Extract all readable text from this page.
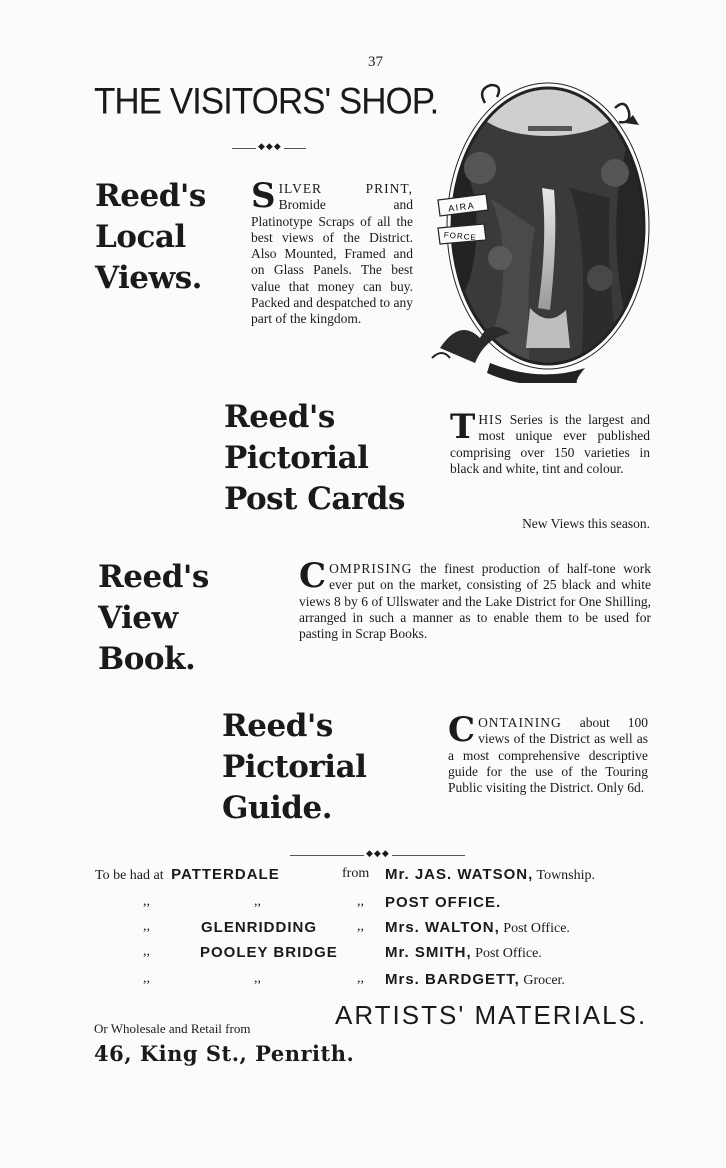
37
THE VISITORS' SHOP.
◆◆◆
Reed's
Local
Views.
SILVER PRINT, Bromide and Platinotype Scraps of all the best views of the District. Also Mounted, Framed and on Glass Panels. The best value that money can buy. Packed and despatched to any part of the kingdom.
AIRA
FORCE
Reed's
Pictorial
Post Cards
THIS Series is the largest and most unique ever published comprising over 150 varieties in black and white, tint and colour.
New Views this season.
Reed's
View
Book.
COMPRISING the finest production of half-tone work ever put on the market, consisting of 25 black and white views 8 by 6 of Ullswater and the Lake District for One Shilling, arranged in such a manner as to enable them to be used for pasting in Scrap Books.
Reed's
Pictorial
Guide.
CONTAINING about 100 views of the District as well as a most comprehensive descriptive guide for the use of the Touring Public visiting the District. Only 6d.
◆◆◆
To be had at PATTERDALE	from Mr. JAS. WATSON, Township.
,,	,,	,, POST OFFICE.
,,	GLENRIDDING	,, Mrs. WALTON, Post Office.
,,	POOLEY BRIDGE	Mr. SMITH, Post Office.
,,	,,	,, Mrs. BARDGETT, Grocer.
ARTISTS' MATERIALS.
Or Wholesale and Retail from
46, King St., Penrith.
